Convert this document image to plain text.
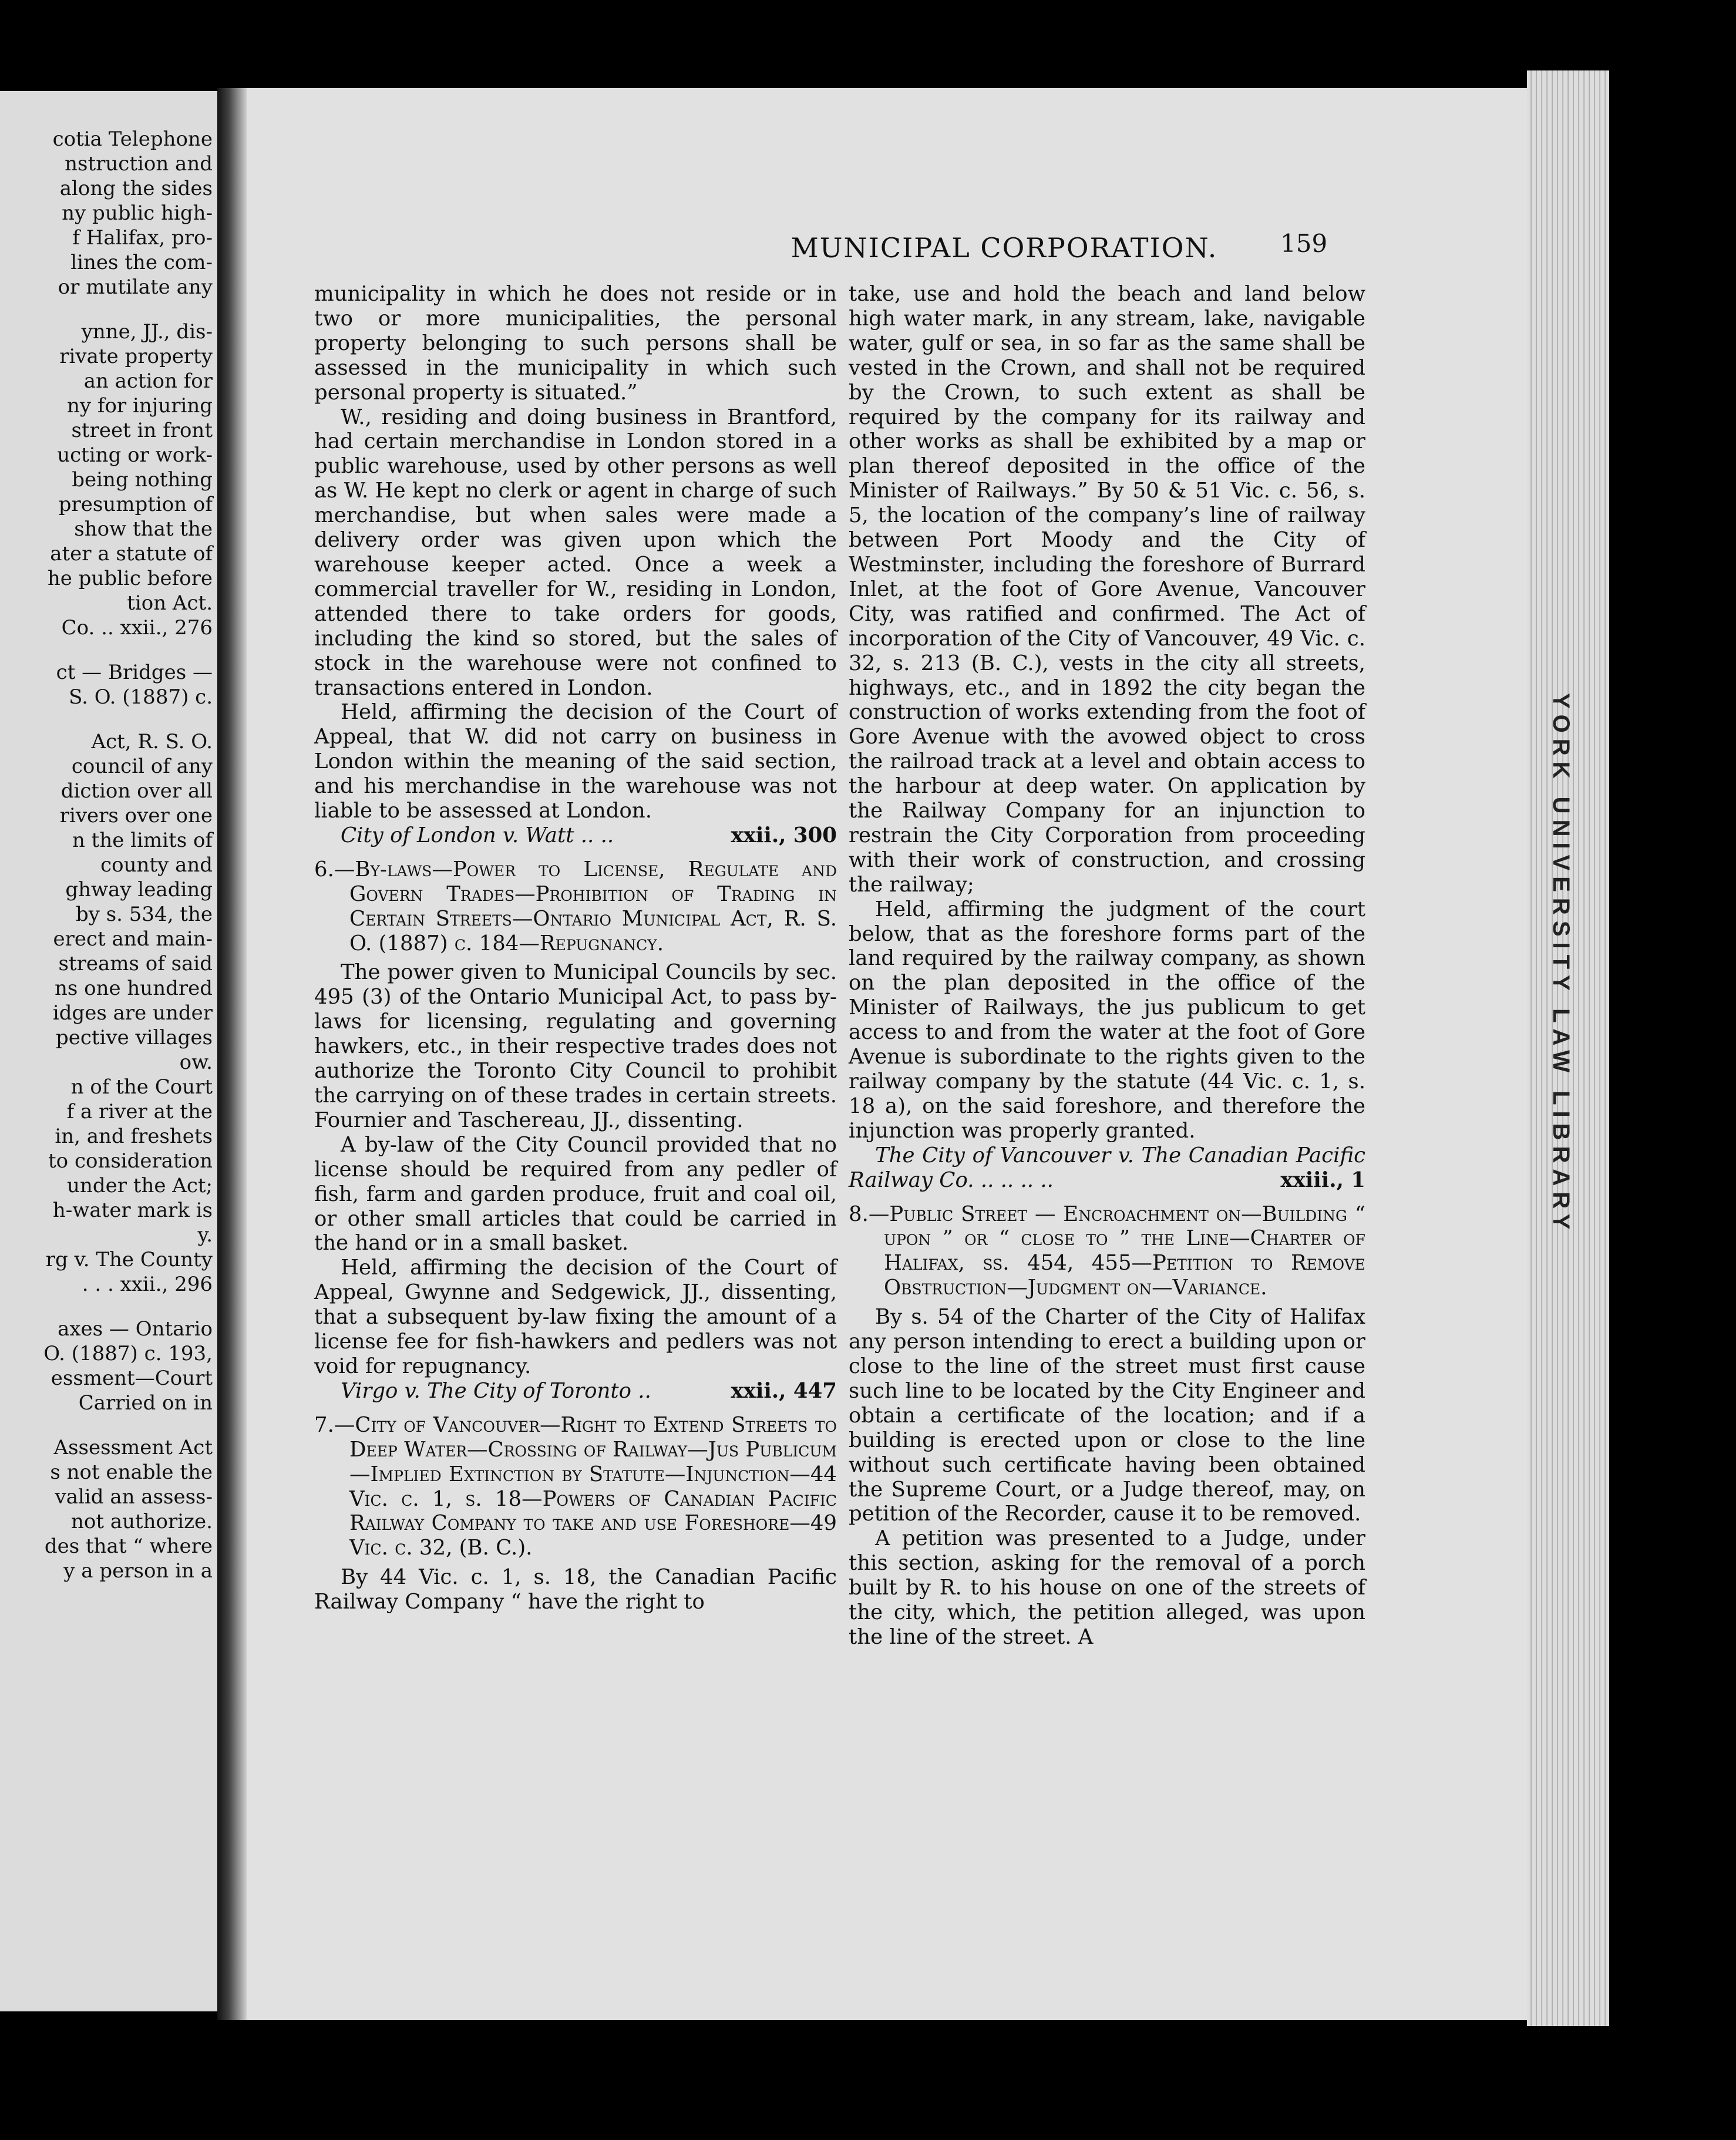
cotia Telephone
nstruction and
along the sides
ny public high-
f Halifax, pro-
lines the com-
or mutilate any
ynne, JJ., dis-
rivate property
an action for
ny for injuring
street in front
ucting or work-
being nothing
presumption of
show that the
ater a statute of
he public before
tion Act.
Co. .. xxii., 276
ct — Bridges —
S. O. (1887) c.
Act, R. S. O.
council of any
diction over all
rivers over one
n the limits of
county and
ghway leading
by s. 534, the
erect and main-
streams of said
ns one hundred
idges are under
pective villages
ow.
n of the Court
f a river at the
in, and freshets
to consideration
under the Act;
h-water mark is
y.
rg v. The County
. . . xxii., 296
axes — Ontario
O. (1887) c. 193,
essment—Court
Carried on in
Assessment Act
s not enable the
valid an assess-
not authorize.
des that “ where
y a person in a
MUNICIPAL CORPORATION.	159

municipality in which he does not reside or in two or more municipalities, the personal property belonging to such persons shall be assessed in the municipality in which such personal property is situated.”

W., residing and doing business in Brantford, had certain merchandise in London stored in a public warehouse, used by other persons as well as W. He kept no clerk or agent in charge of such merchandise, but when sales were made a delivery order was given upon which the warehouse keeper acted. Once a week a commercial traveller for W., residing in London, attended there to take orders for goods, including the kind so stored, but the sales of stock in the warehouse were not confined to transactions entered in London.

Held, affirming the decision of the Court of Appeal, that W. did not carry on business in London within the meaning of the said section, and his merchandise in the warehouse was not liable to be assessed at London.

City of London v. Watt .. ..	xxii., 300

6.—By-laws—Power to License, Regulate and Govern Trades—Prohibition of Trading in Certain Streets—Ontario Municipal Act, R. S. O. (1887) c. 184—Repugnancy.

The power given to Municipal Councils by sec. 495 (3) of the Ontario Municipal Act, to pass by-laws for licensing, regulating and governing hawkers, etc., in their respective trades does not authorize the Toronto City Council to prohibit the carrying on of these trades in certain streets. Fournier and Taschereau, JJ., dissenting.

A by-law of the City Council provided that no license should be required from any pedler of fish, farm and garden produce, fruit and coal oil, or other small articles that could be carried in the hand or in a small basket.

Held, affirming the decision of the Court of Appeal, Gwynne and Sedgewick, JJ., dissenting, that a subsequent by-law fixing the amount of a license fee for fish-hawkers and pedlers was not void for repugnancy.

Virgo v. The City of Toronto ..	xxii., 447

7.—City of Vancouver—Right to Extend Streets to Deep Water—Crossing of Railway—Jus Publicum—Implied Extinction by Statute—Injunction—44 Vic. c. 1, s. 18—Powers of Canadian Pacific Railway Company to take and use Foreshore—49 Vic. c. 32, (B. C.).

By 44 Vic. c. 1, s. 18, the Canadian Pacific Railway Company “ have the right to

take, use and hold the beach and land below high water mark, in any stream, lake, navigable water, gulf or sea, in so far as the same shall be vested in the Crown, and shall not be required by the Crown, to such extent as shall be required by the company for its railway and other works as shall be exhibited by a map or plan thereof deposited in the office of the Minister of Railways.” By 50 & 51 Vic. c. 56, s. 5, the location of the company’s line of railway between Port Moody and the City of Westminster, including the foreshore of Burrard Inlet, at the foot of Gore Avenue, Vancouver City, was ratified and confirmed. The Act of incorporation of the City of Vancouver, 49 Vic. c. 32, s. 213 (B. C.), vests in the city all streets, highways, etc., and in 1892 the city began the construction of works extending from the foot of Gore Avenue with the avowed object to cross the railroad track at a level and obtain access to the harbour at deep water. On application by the Railway Company for an injunction to restrain the City Corporation from proceeding with their work of construction, and crossing the railway;

Held, affirming the judgment of the court below, that as the foreshore forms part of the land required by the railway company, as shown on the plan deposited in the office of the Minister of Railways, the jus publicum to get access to and from the water at the foot of Gore Avenue is subordinate to the rights given to the railway company by the statute (44 Vic. c. 1, s. 18 a), on the said foreshore, and therefore the injunction was properly granted.

The City of Vancouver v. The Canadian Pacific Railway Co. .. .. .. ..	xxiii., 1

8.—Public Street — Encroachment on—Building “ upon ” or “ close to ” the Line—Charter of Halifax, ss. 454, 455—Petition to Remove Obstruction—Judgment on—Variance.

By s. 54 of the Charter of the City of Halifax any person intending to erect a building upon or close to the line of the street must first cause such line to be located by the City Engineer and obtain a certificate of the location; and if a building is erected upon or close to the line without such certificate having been obtained the Supreme Court, or a Judge thereof, may, on petition of the Recorder, cause it to be removed.

A petition was presented to a Judge, under this section, asking for the removal of a porch built by R. to his house on one of the streets of the city, which, the petition alleged, was upon the line of the street. A

YORK UNIVERSITY LAW LIBRARY
